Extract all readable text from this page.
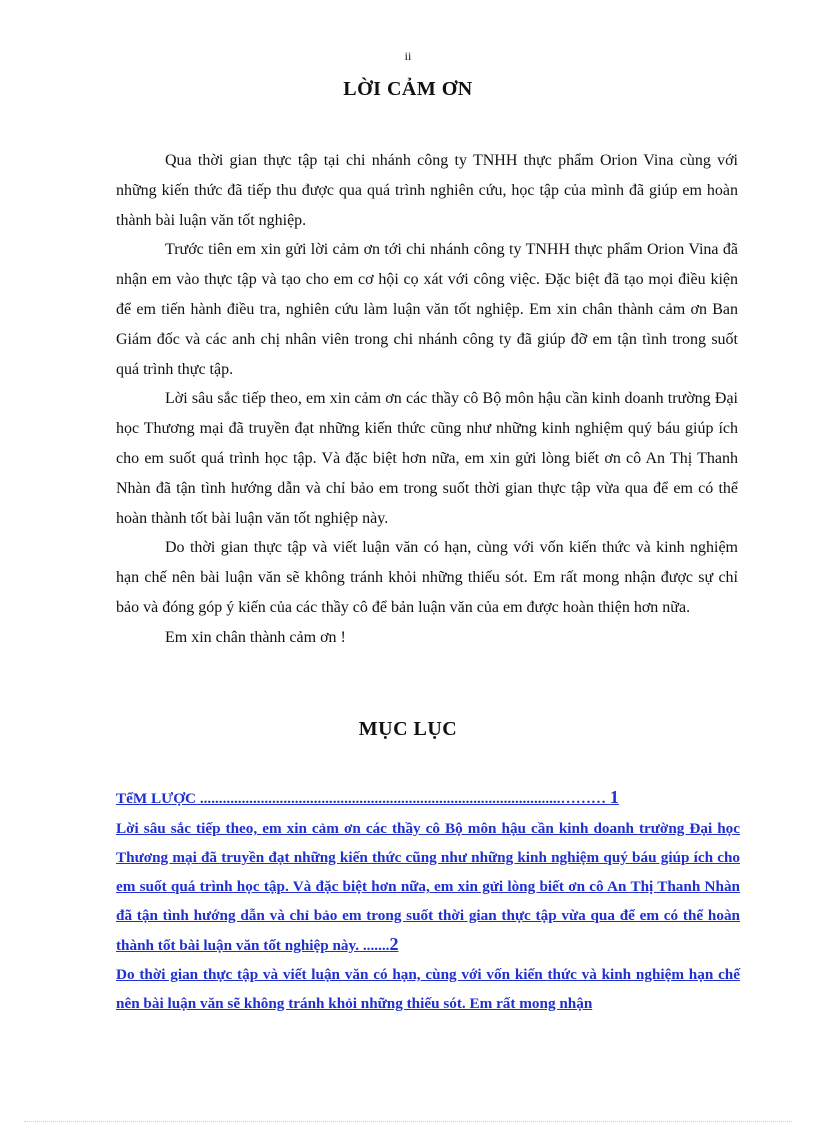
ii
LỜI CẢM ƠN

Qua thời gian thực tập tại chi nhánh công ty TNHH thực phẩm Orion Vina cùng với những kiến thức đã tiếp thu được qua quá trình nghiên cứu, học tập của mình đã giúp em hoàn thành bài luận văn tốt nghiệp.

Trước tiên em xin gửi lời cảm ơn tới chi nhánh công ty TNHH thực phẩm Orion Vina đã nhận em vào thực tập và tạo cho em cơ hội cọ xát với công việc. Đặc biệt đã tạo mọi điều kiện để em tiến hành điều tra, nghiên cứu làm luận văn tốt nghiệp. Em xin chân thành cảm ơn Ban Giám đốc và các anh chị nhân viên trong chi nhánh công ty đã giúp đỡ em tận tình trong suốt quá trình thực tập.

Lời sâu sắc tiếp theo, em xin cảm ơn các thầy cô Bộ môn hậu cần kinh doanh trường Đại học Thương mại đã truyền đạt những kiến thức cũng như những kinh nghiệm quý báu giúp ích cho em suốt quá trình học tập. Và đặc biệt hơn nữa, em xin gửi lòng biết ơn cô An Thị Thanh Nhàn đã tận tình hướng dẫn và chỉ bảo em trong suốt thời gian thực tập vừa qua để em có thể hoàn thành tốt bài luận văn tốt nghiệp này.

Do thời gian thực tập và viết luận văn có hạn, cùng với vốn kiến thức và kinh nghiệm hạn chế nên bài luận văn sẽ không tránh khỏi những thiếu sót. Em rất mong nhận được sự chỉ bảo và đóng góp ý kiến của các thầy cô để bản luận văn của em được hoàn thiện hơn nữa.

Em xin chân thành cảm ơn !

MỤC LỤC
TểM LƯỢC ...............................................................................................……… 1
Lời sâu sắc tiếp theo, em xin cảm ơn các thầy cô Bộ môn hậu cần kinh doanh trường Đại học Thương mại đã truyền đạt những kiến thức cũng như những kinh nghiệm quý báu giúp ích cho em suốt quá trình học tập. Và đặc biệt hơn nữa, em xin gửi lòng biết ơn cô An Thị Thanh Nhàn đã tận tình hướng dẫn và chỉ bảo em trong suốt thời gian thực tập vừa qua để em có thể hoàn thành tốt bài luận văn tốt nghiệp này. .......2
Do thời gian thực tập và viết luận văn có hạn, cùng với vốn kiến thức và kinh nghiệm hạn chế nên bài luận văn sẽ không tránh khỏi những thiếu sót. Em rất mong nhận
